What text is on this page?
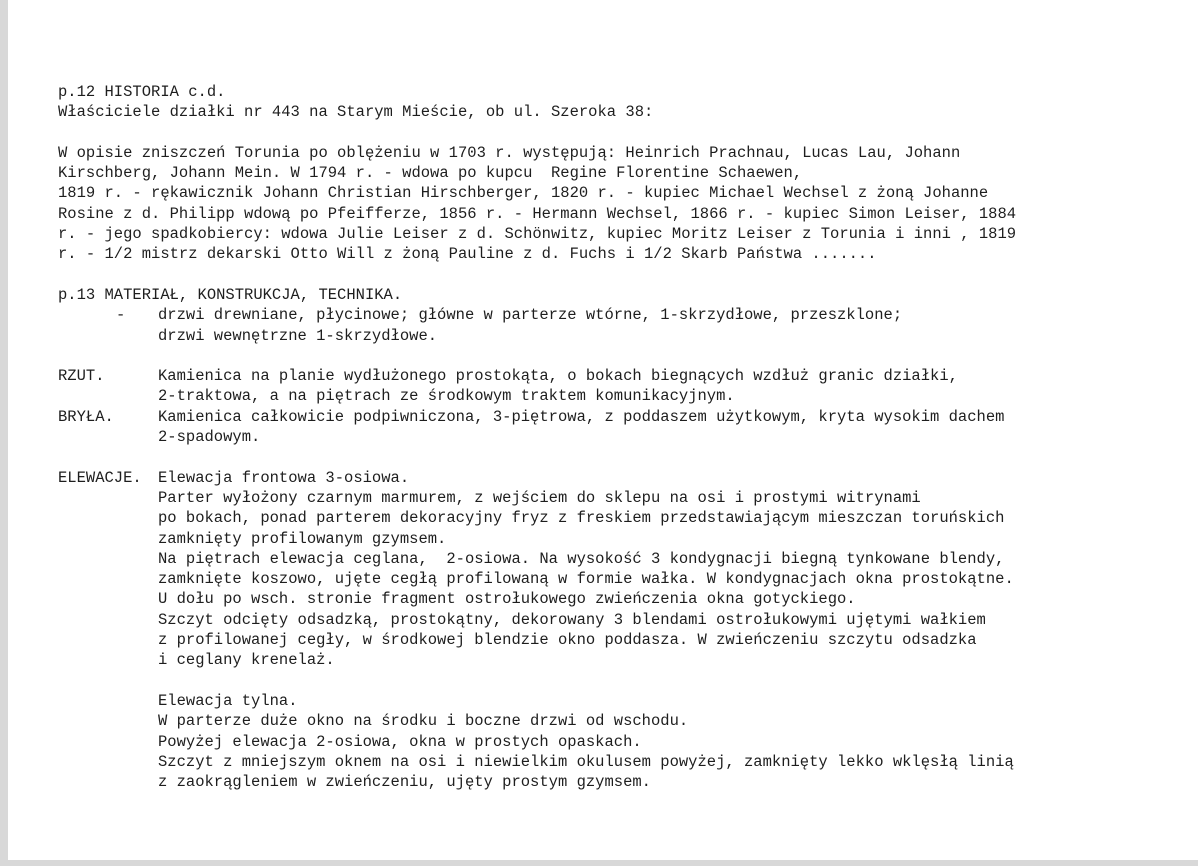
p.12 HISTORIA c.d.
Właściciele działki nr 443 na Starym Mieście, ob ul. Szeroka 38:
W opisie zniszczeń Torunia po oblężeniu w 1703 r. występują: Heinrich Prachnau, Lucas Lau, Johann
Kirschberg, Johann Mein. W 1794 r. - wdowa po kupcu  Regine Florentine Schaewen,
1819 r. - rękawicznik Johann Christian Hirschberger, 1820 r. - kupiec Michael Wechsel z żoną Johanne
Rosine z d. Philipp wdową po Pfeifferze, 1856 r. - Hermann Wechsel, 1866 r. - kupiec Simon Leiser, 1884
r. - jego spadkobiercy: wdowa Julie Leiser z d. Schönwitz, kupiec Moritz Leiser z Torunia i inni , 1819
r. - 1/2 mistrz dekarski Otto Will z żoną Pauline z d. Fuchs i 1/2 Skarb Państwa .......
p.13 MATERIAŁ, KONSTRUKCJA, TECHNIKA.
-	drzwi drewniane, płycinowe; główne w parterze wtórne, 1-skrzydłowe, przeszklone;
drzwi wewnętrzne 1-skrzydłowe.
RZUT.	Kamienica na planie wydłużonego prostokąta, o bokach biegnących wzdłuż granic działki,
2-traktowa, a na piętrach ze środkowym traktem komunikacyjnym.
BRYŁA.	Kamienica całkowicie podpiwniczona, 3-piętrowa, z poddaszem użytkowym, kryta wysokim dachem
2-spadowym.
ELEWACJE.	Elewacja frontowa 3-osiowa.
Parter wyłożony czarnym marmurem, z wejściem do sklepu na osi i prostymi witrynami
po bokach, ponad parterem dekoracyjny fryz z freskiem przedstawiającym mieszczan toruńskich
zamknięty profilowanym gzymsem.
Na piętrach elewacja ceglana,  2-osiowa. Na wysokość 3 kondygnacji biegną tynkowane blendy,
zamknięte koszowo, ujęte cegłą profilowaną w formie wałka. W kondygnacjach okna prostokątne.
U dołu po wsch. stronie fragment ostrołukowego zwieńczenia okna gotyckiego.
Szczyt odcięty odsadzką, prostokątny, dekorowany 3 blendami ostrołukowymi ujętymi wałkiem
z profilowanej cegły, w środkowej blendzie okno poddasza. W zwieńczeniu szczytu odsadzka
i ceglany krenelaż.
Elewacja tylna.
W parterze duże okno na środku i boczne drzwi od wschodu.
Powyżej elewacja 2-osiowa, okna w prostych opaskach.
Szczyt z mniejszym oknem na osi i niewielkim okulusem powyżej, zamknięty lekko wklęsłą linią
z zaokrągleniem w zwieńczeniu, ujęty prostym gzymsem.
